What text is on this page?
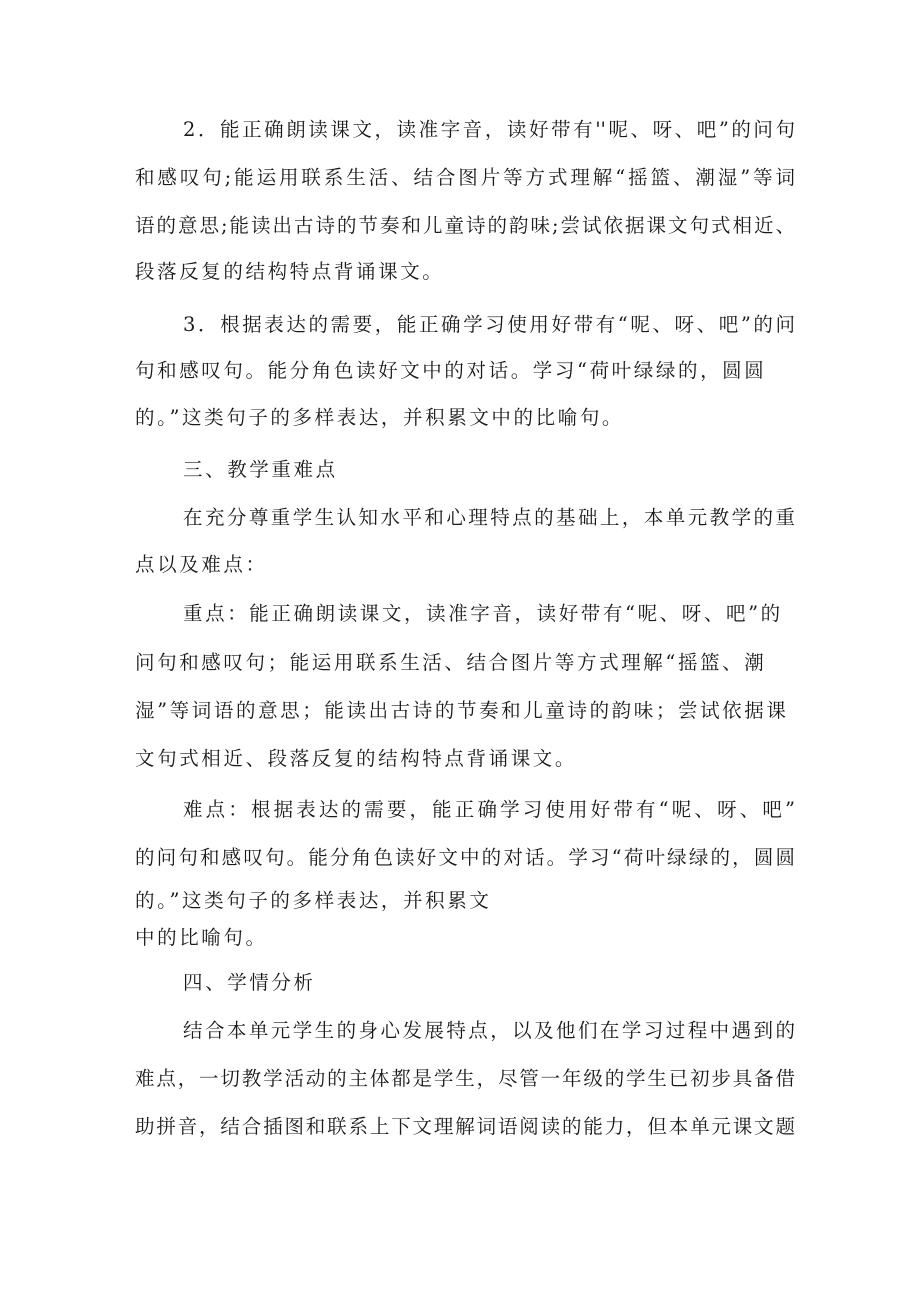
2．能正确朗读课文，读准字音，读好带有''呢、呀、吧”的问句
和感叹句;能运用联系生活、结合图片等方式理解“摇篮、潮湿”等词
语的意思;能读出古诗的节奏和儿童诗的韵味;尝试依据课文句式相近、
段落反复的结构特点背诵课文。
3．根据表达的需要，能正确学习使用好带有“呢、呀、吧”的问
句和感叹句。能分角色读好文中的对话。学习“荷叶绿绿的，圆圆
的。”这类句子的多样表达，并积累文中的比喻句。
三、教学重难点
在充分尊重学生认知水平和心理特点的基础上，本单元教学的重
点以及难点：
重点：能正确朗读课文，读准字音，读好带有“呢、呀、吧”的
问句和感叹句；能运用联系生活、结合图片等方式理解“摇篮、潮
湿”等词语的意思；能读出古诗的节奏和儿童诗的韵味；尝试依据课
文句式相近、段落反复的结构特点背诵课文。
难点：根据表达的需要，能正确学习使用好带有“呢、呀、吧”
的问句和感叹句。能分角色读好文中的对话。学习“荷叶绿绿的，圆圆
的。”这类句子的多样表达，并积累文
中的比喻句。
四、学情分析
结合本单元学生的身心发展特点，以及他们在学习过程中遇到的
难点，一切教学活动的主体都是学生，尽管一年级的学生已初步具备借
助拼音，结合插图和联系上下文理解词语阅读的能力，但本单元课文题
